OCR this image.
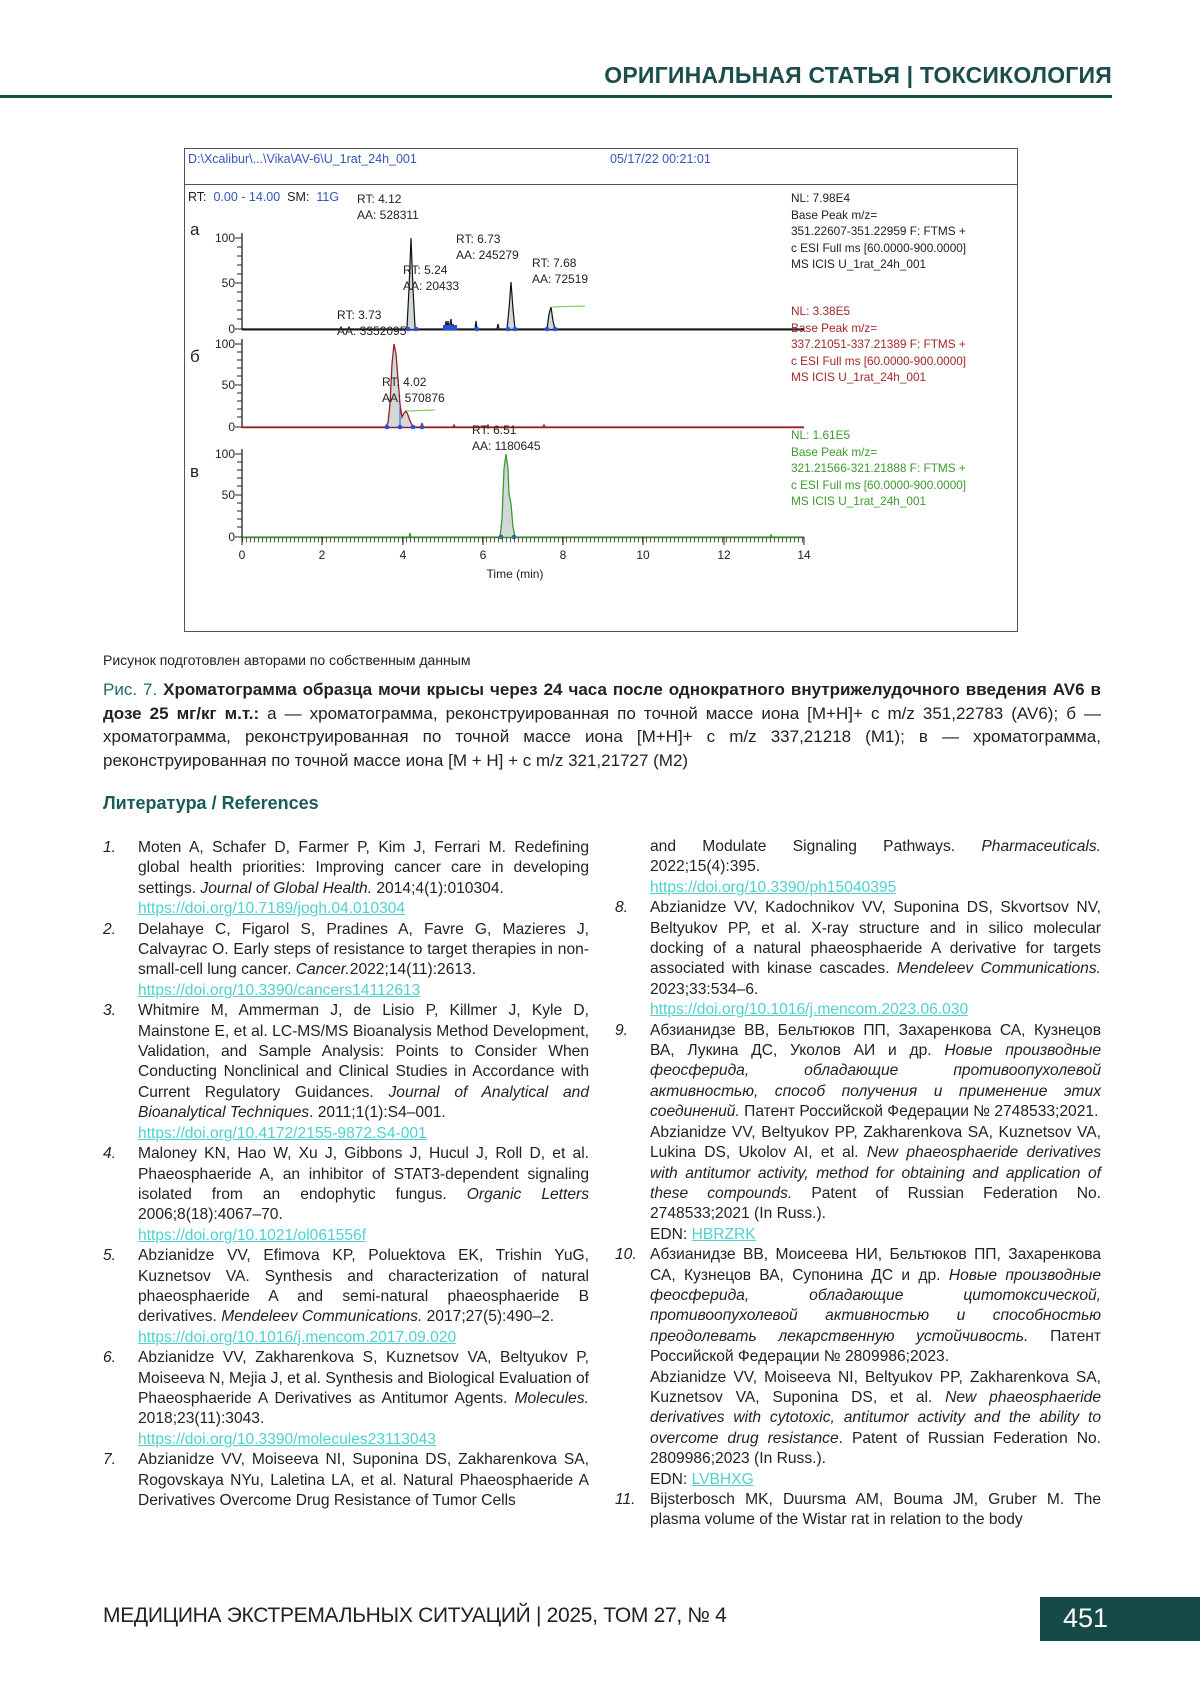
ОРИГИНАЛЬНАЯ СТАТЬЯ | ТОКСИКОЛОГИЯ
D:\Xcalibur\...\Vika\AV-6\U_1rat_24h_001	05/17/22 00:21:01
RT: 0.00 - 14.00 SM: 11G
а
б
в
100
50
0
RT: 4.12
AA: 528311
RT: 5.24
AA: 20433
RT: 6.73
AA: 245279
RT: 7.68
AA: 72519
100
50
0
RT: 3.73
AA: 3352095
RT: 4.02
AA: 570876
100
50
0
RT: 6.51
AA: 1180645
0	2	4	6	8	10	12	14
Time (min)
NL: 7.98E4
Base Peak m/z=
351.22607-351.22959 F: FTMS +
c ESI Full ms [60.0000-900.0000]
MS ICIS U_1rat_24h_001
NL: 3.38E5
Base Peak m/z=
337.21051-337.21389 F: FTMS +
c ESI Full ms [60.0000-900.0000]
MS ICIS U_1rat_24h_001
NL: 1.61E5
Base Peak m/z=
321.21566-321.21888 F: FTMS +
c ESI Full ms [60.0000-900.0000]
MS ICIS U_1rat_24h_001
Рисунок подготовлен авторами по собственным данным
Рис. 7. Хроматограмма образца мочи крысы через 24 часа после однократного внутрижелудочного введения AV6 в дозе 25 мг/кг м.т.: а — хроматограмма, реконструированная по точной массе иона [M+H]+ c m/z 351,22783 (AV6); б — хроматограмма, реконструированная по точной массе иона [M+H]+ c m/z 337,21218 (M1); в — хроматограмма, реконструированная по точной массе иона [M + H] + c m/z 321,21727 (M2)
Литература / References
1.	Moten A, Schafer D, Farmer P, Kim J, Ferrari M. Redefining global health priorities: Improving cancer care in developing settings. Journal of Global Health. 2014;4(1):010304.
https://doi.org/10.7189/jogh.04.010304
2.	Delahaye C, Figarol S, Pradines A, Favre G, Mazieres J, Calvayrac O. Early steps of resistance to target therapies in non-small-cell lung cancer. Cancer.2022;14(11):2613.
https://doi.org/10.3390/cancers14112613
3.	Whitmire M, Ammerman J, de Lisio P, Killmer J, Kyle D, Mainstone E, et al. LC-MS/MS Bioanalysis Method Development, Validation, and Sample Analysis: Points to Consider When Conducting Nonclinical and Clinical Studies in Accordance with Current Regulatory Guidances. Journal of Analytical and Bioanalytical Techniques. 2011;1(1):S4–001.
https://doi.org/10.4172/2155-9872.S4-001
4.	Maloney KN, Hao W, Xu J, Gibbons J, Hucul J, Roll D, et al. Phaeosphaeride A, an inhibitor of STAT3-dependent signaling isolated from an endophytic fungus. Organic Letters 2006;8(18):4067–70.
https://doi.org/10.1021/ol061556f
5.	Abzianidze VV, Efimova KP, Poluektova EK, Trishin YuG, Kuznetsov VA. Synthesis and characterization of natural phaeosphaeride A and semi-natural phaeosphaeride B derivatives. Mendeleev Communications. 2017;27(5):490–2.
https://doi.org/10.1016/j.mencom.2017.09.020
6.	Abzianidze VV, Zakharenkova S, Kuznetsov VA, Beltyukov P, Moiseeva N, Mejia J, et al. Synthesis and Biological Evaluation of Phaeosphaeride A Derivatives as Antitumor Agents. Molecules. 2018;23(11):3043.
https://doi.org/10.3390/molecules23113043
7.	Abzianidze VV, Moiseeva NI, Suponina DS, Zakharenkova SA, Rogovskaya NYu, Laletina LA, et al. Natural Phaeosphaeride A Derivatives Overcome Drug Resistance of Tumor Cells
and Modulate Signaling Pathways. Pharmaceuticals. 2022;15(4):395.
https://doi.org/10.3390/ph15040395
8.	Abzianidze VV, Kadochnikov VV, Suponina DS, Skvortsov NV, Beltyukov PP, et al. X-ray structure and in silico molecular docking of a natural phaeosphaeride A derivative for targets associated with kinase cascades. Mendeleev Communications. 2023;33:534–6.
https://doi.org/10.1016/j.mencom.2023.06.030
9.	Абзианидзе ВВ, Бельтюков ПП, Захаренкова СА, Кузнецов ВА, Лукина ДС, Уколов АИ и др. Новые производные феосферида, обладающие противоопухолевой активностью, способ получения и применение этих соединений. Патент Российской Федерации № 2748533;2021.
Abzianidze VV, Beltyukov PP, Zakharenkova SA, Kuznetsov VA, Lukina DS, Ukolov AI, et al. New phaeosphaeride derivatives with antitumor activity, method for obtaining and application of these compounds. Patent of Russian Federation No. 2748533;2021 (In Russ.).
EDN: HBRZRK
10. Абзианидзе ВВ, Моисеева НИ, Бельтюков ПП, Захаренкова СА, Кузнецов ВА, Супонина ДС и др. Новые производные феосферида, обладающие цитотоксической, противоопухолевой активностью и способностью преодолевать лекарственную устойчивость. Патент Российской Федерации № 2809986;2023.
Abzianidze VV, Moiseeva NI, Beltyukov PP, Zakharenkova SA, Kuznetsov VA, Suponina DS, et al. New phaeosphaeride derivatives with cytotoxic, antitumor activity and the ability to overcome drug resistance. Patent of Russian Federation No. 2809986;2023 (In Russ.).
EDN: LVBHXG
11. Bijsterbosch MK, Duursma AM, Bouma JM, Gruber M. The plasma volume of the Wistar rat in relation to the body
МЕДИЦИНА ЭКСТРЕМАЛЬНЫХ СИТУАЦИЙ | 2025, ТОМ 27, № 4	451
